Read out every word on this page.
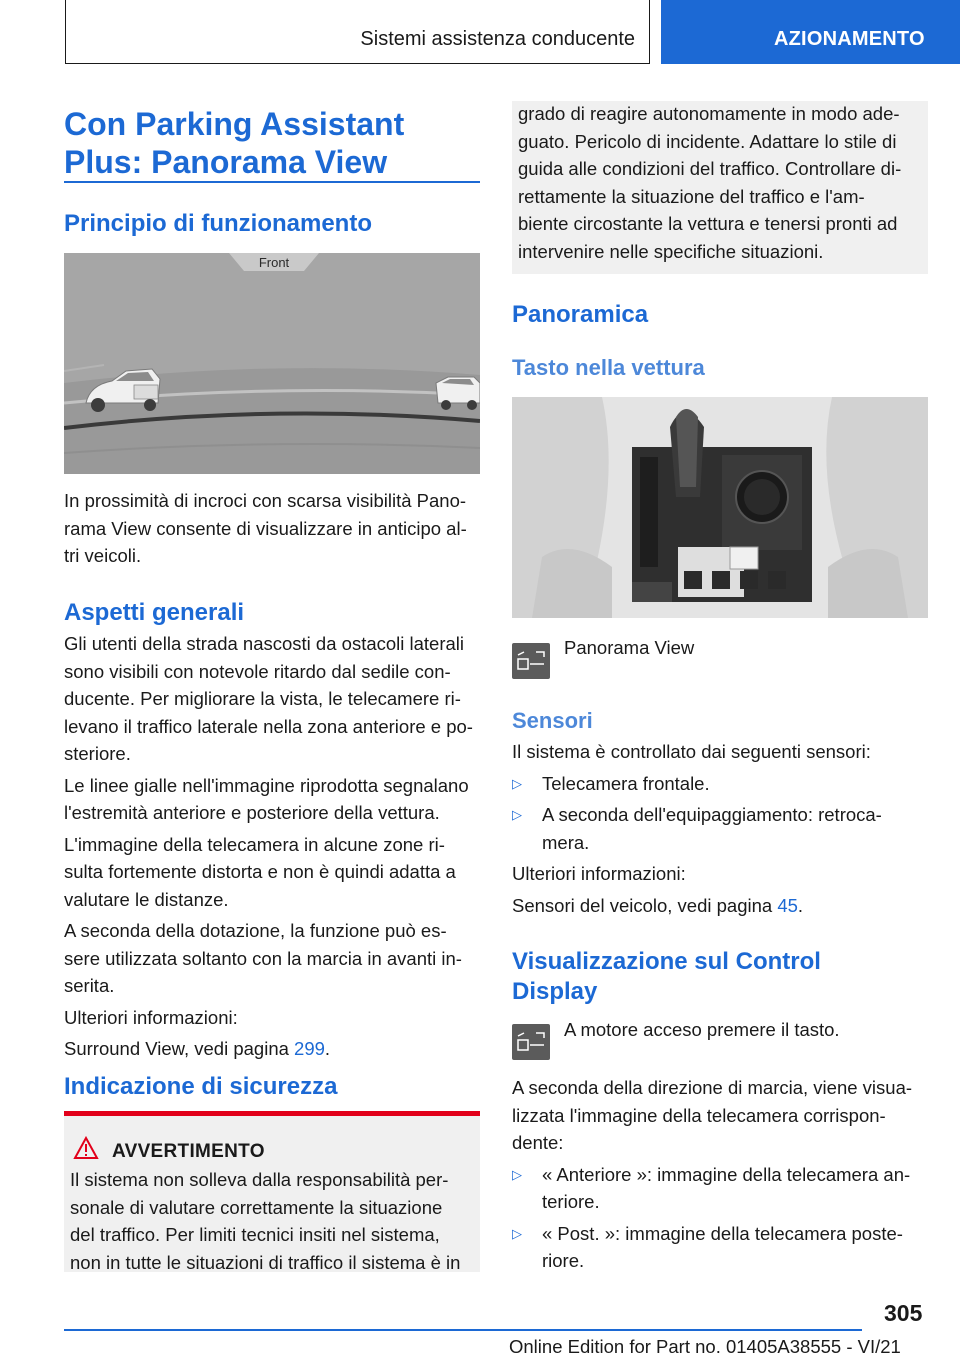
Sistemi assistenza conducente	AZIONAMENTO
Con Parking Assistant
Plus: Panorama View
Principio di funzionamento
Front
In prossimità di incroci con scarsa visibilità Pano‐
rama View consente di visualizzare in anticipo al‐
tri veicoli.
Aspetti generali

Gli utenti della strada nascosti da ostacoli laterali
sono visibili con notevole ritardo dal sedile con‐
ducente. Per migliorare la vista, le telecamere ri‐
levano il traffico laterale nella zona anteriore e po‐
steriore.

Le linee gialle nell'immagine riprodotta segnalano
l'estremità anteriore e posteriore della vettura.

L'immagine della telecamera in alcune zone ri‐
sulta fortemente distorta e non è quindi adatta a
valutare le distanze.

A seconda della dotazione, la funzione può es‐
sere utilizzata soltanto con la marcia in avanti in‐
serita.

Ulteriori informazioni:

Surround View, vedi pagina 299.

Indicazione di sicurezza
AVVERTIMENTO
Il sistema non solleva dalla responsabilità per‐
sonale di valutare correttamente la situazione
del traffico. Per limiti tecnici insiti nel sistema,
non in tutte le situazioni di traffico il sistema è in
grado di reagire autonomamente in modo ade‐
guato. Pericolo di incidente. Adattare lo stile di
guida alle condizioni del traffico. Controllare di‐
rettamente la situazione del traffico e l'am‐
biente circostante la vettura e tenersi pronti ad
intervenire nelle specifiche situazioni.
Panoramica
Tasto nella vettura
Panorama View
Sensori

Il sistema è controllato dai seguenti sensori:

▷ Telecamera frontale.
▷ A seconda dell'equipaggiamento: retroca‐
mera.

Ulteriori informazioni:

Sensori del veicolo, vedi pagina 45.

Visualizzazione sul Control
Display
A motore acceso premere il tasto.

A seconda della direzione di marcia, viene visua‐
lizzata l'immagine della telecamera corrispon‐
dente:

▷ « Anteriore »: immagine della telecamera an‐
teriore.
▷ « Post. »: immagine della telecamera poste‐
riore.
305
Online Edition for Part no. 01405A38555 - VI/21
